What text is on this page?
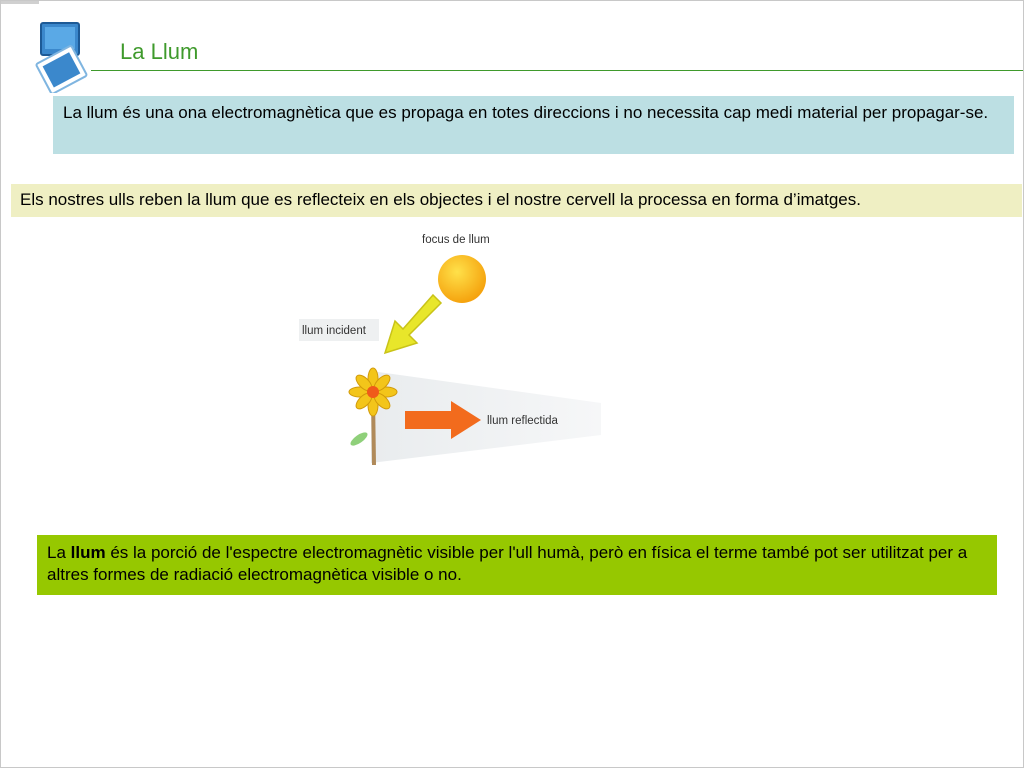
La Llum
La llum és una ona electromagnètica que es propaga en totes direccions i no necessita cap medi material per propagar-se.
Els nostres ulls reben la llum que es reflecteix en els objectes i el nostre cervell la processa en forma d’imatges.
focus de llum
llum incident
llum reflectida
La llum és la porció de l'espectre electromagnètic visible per l'ull humà, però en física el terme també pot ser utilitzat per a altres formes de radiació electromagnètica visible o no.
